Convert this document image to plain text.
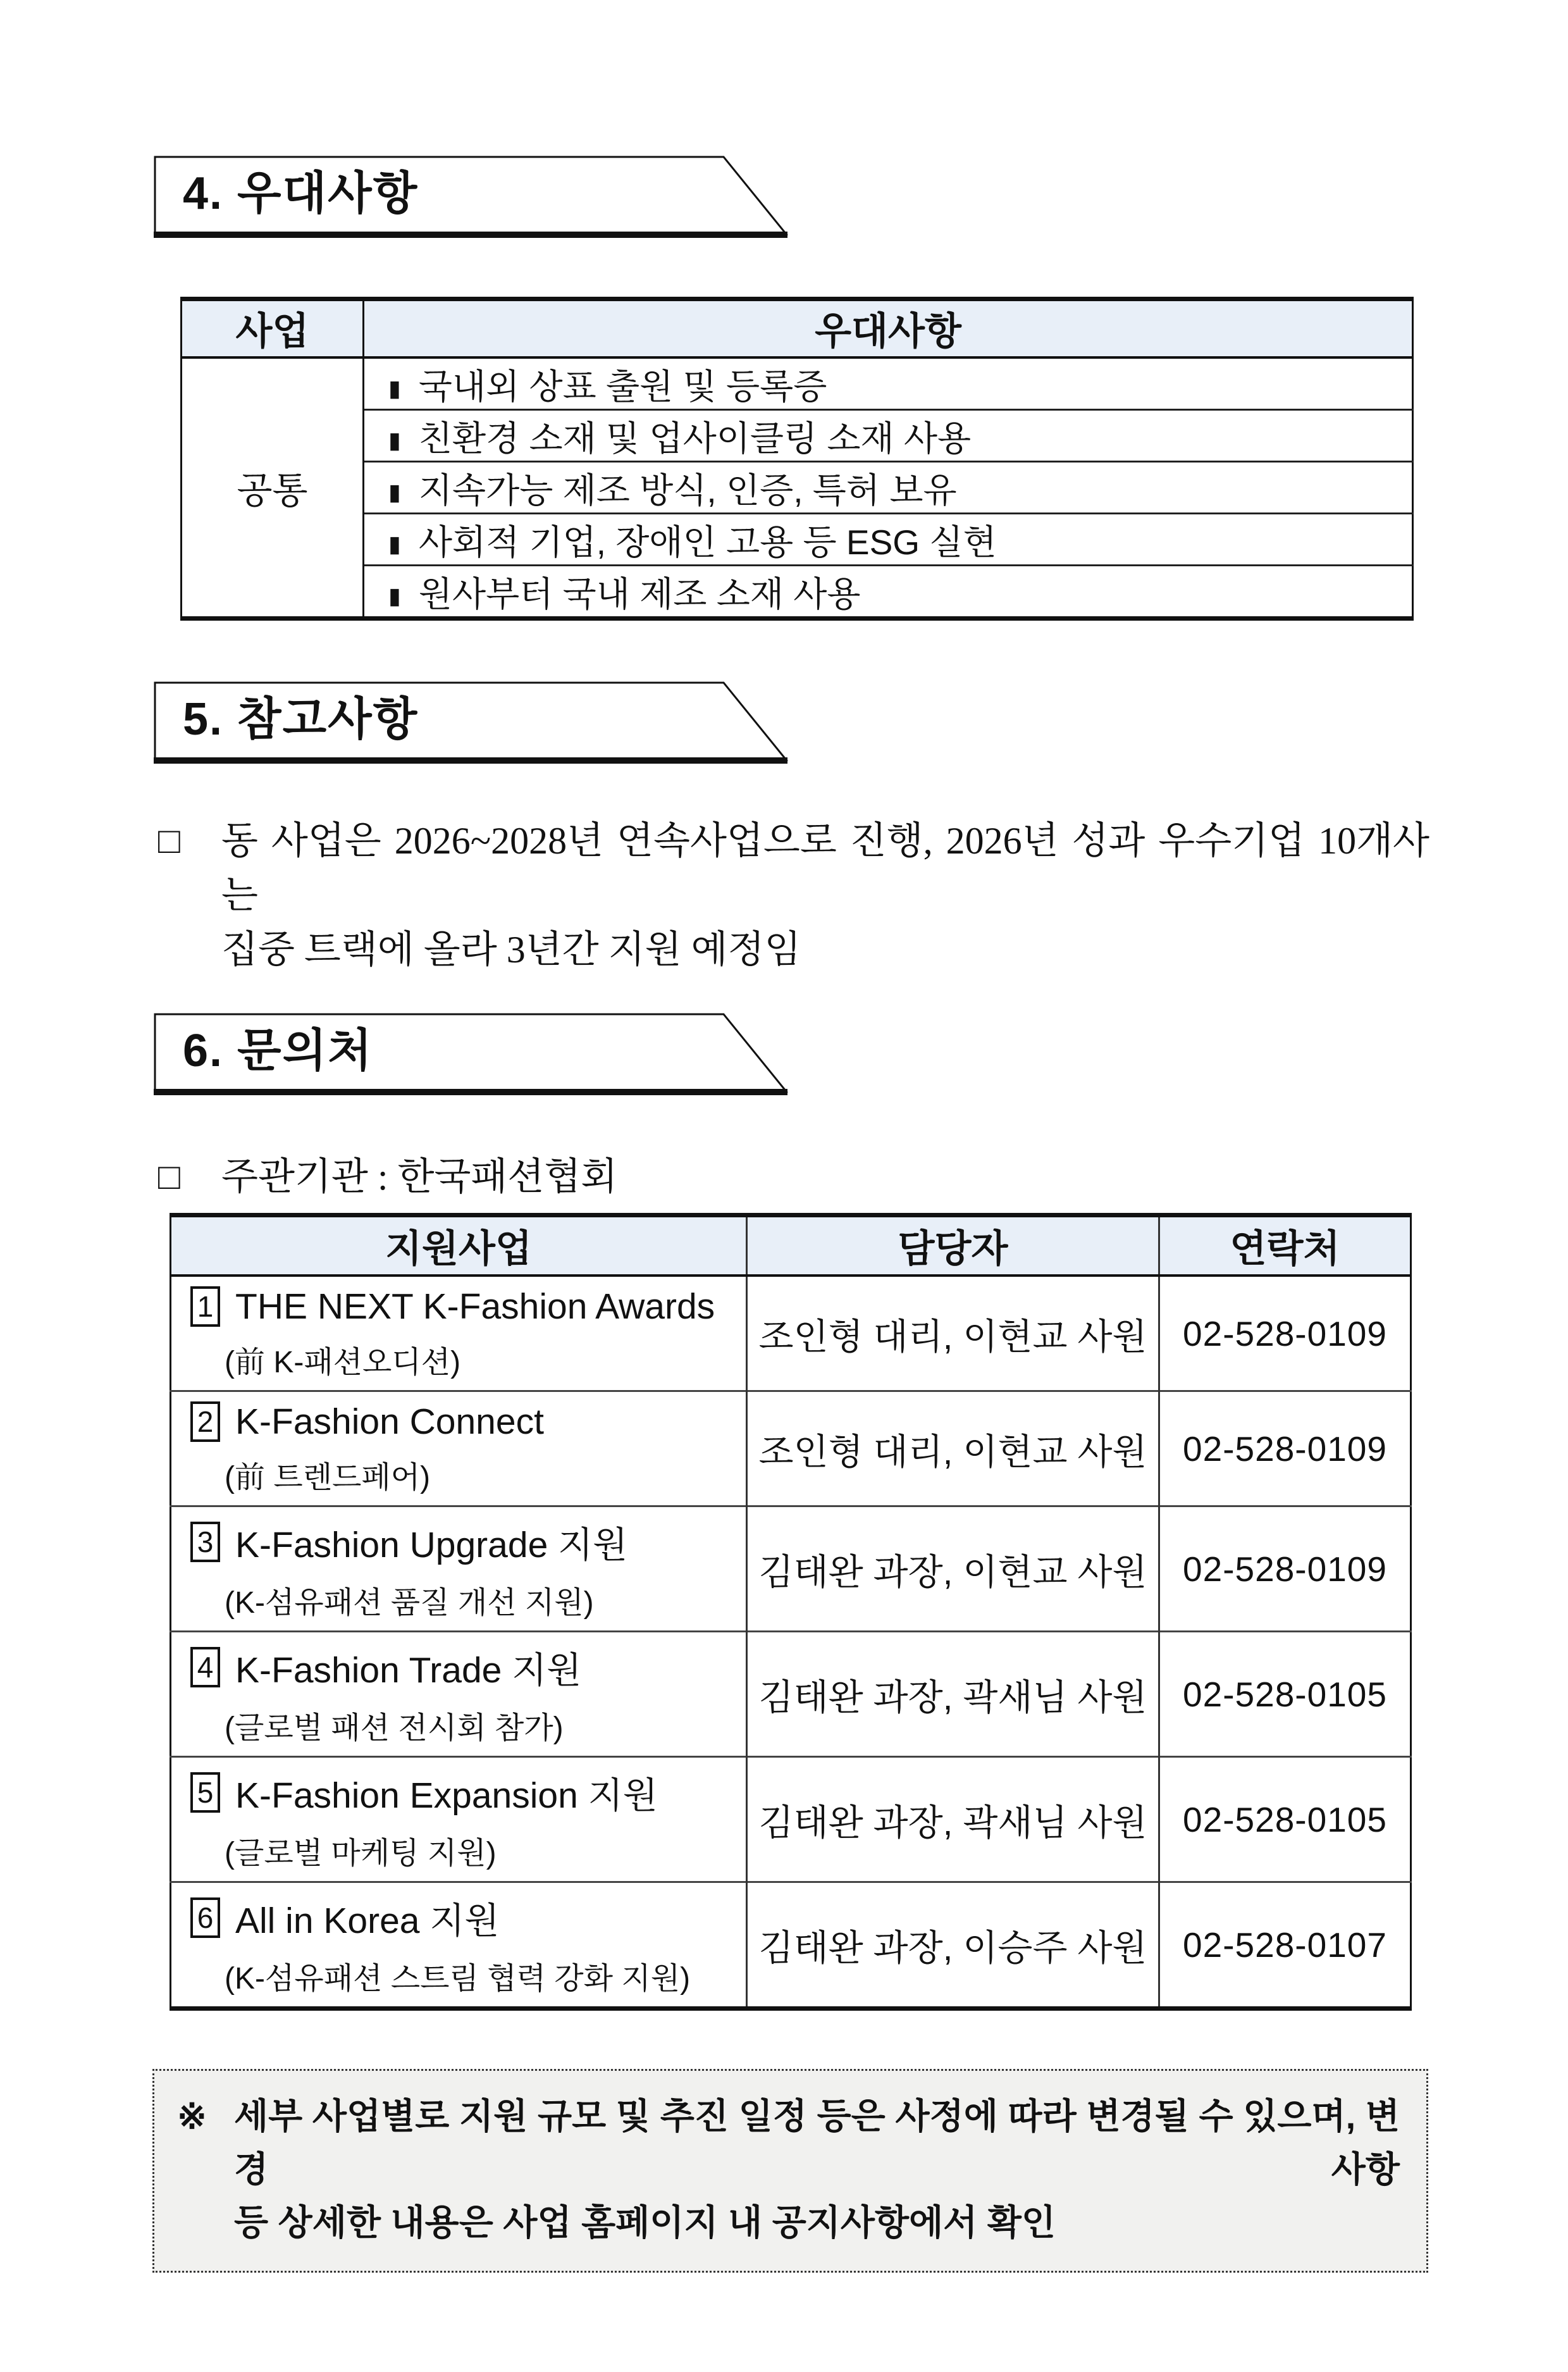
4. 우대사항
사업	우대사항
공통	▮ 국내외 상표 출원 및 등록증
	▮ 친환경 소재 및 업사이클링 소재 사용
	▮ 지속가능 제조 방식, 인증, 특허 보유
	▮ 사회적 기업, 장애인 고용 등 ESG 실현
	▮ 원사부터 국내 제조 소재 사용
5. 참고사항
□	동 사업은 2026~2028년 연속사업으로 진행, 2026년 성과 우수기업 10개사는
집중 트랙에 올라 3년간 지원 예정임
6. 문의처
□	주관기관 : 한국패션협회
지원사업	담당자	연락처

1 THE NEXT K-Fashion Awards
(前 K-패션오디션)	조인형 대리, 이현교 사원	02-528-0109

2 K-Fashion Connect
(前 트렌드페어)	조인형 대리, 이현교 사원	02-528-0109

3 K-Fashion Upgrade 지원
(K-섬유패션 품질 개선 지원)	김태완 과장, 이현교 사원	02-528-0109

4 K-Fashion Trade 지원
(글로벌 패션 전시회 참가)	김태완 과장, 곽새님 사원	02-528-0105

5 K-Fashion Expansion 지원
(글로벌 마케팅 지원)	김태완 과장, 곽새님 사원	02-528-0105

6 All in Korea 지원
(K-섬유패션 스트림 협력 강화 지원)	김태완 과장, 이승주 사원	02-528-0107
※ 세부 사업별로 지원 규모 및 추진 일정 등은 사정에 따라 변경될 수 있으며, 변경 사항
등 상세한 내용은 사업 홈페이지 내 공지사항에서 확인
